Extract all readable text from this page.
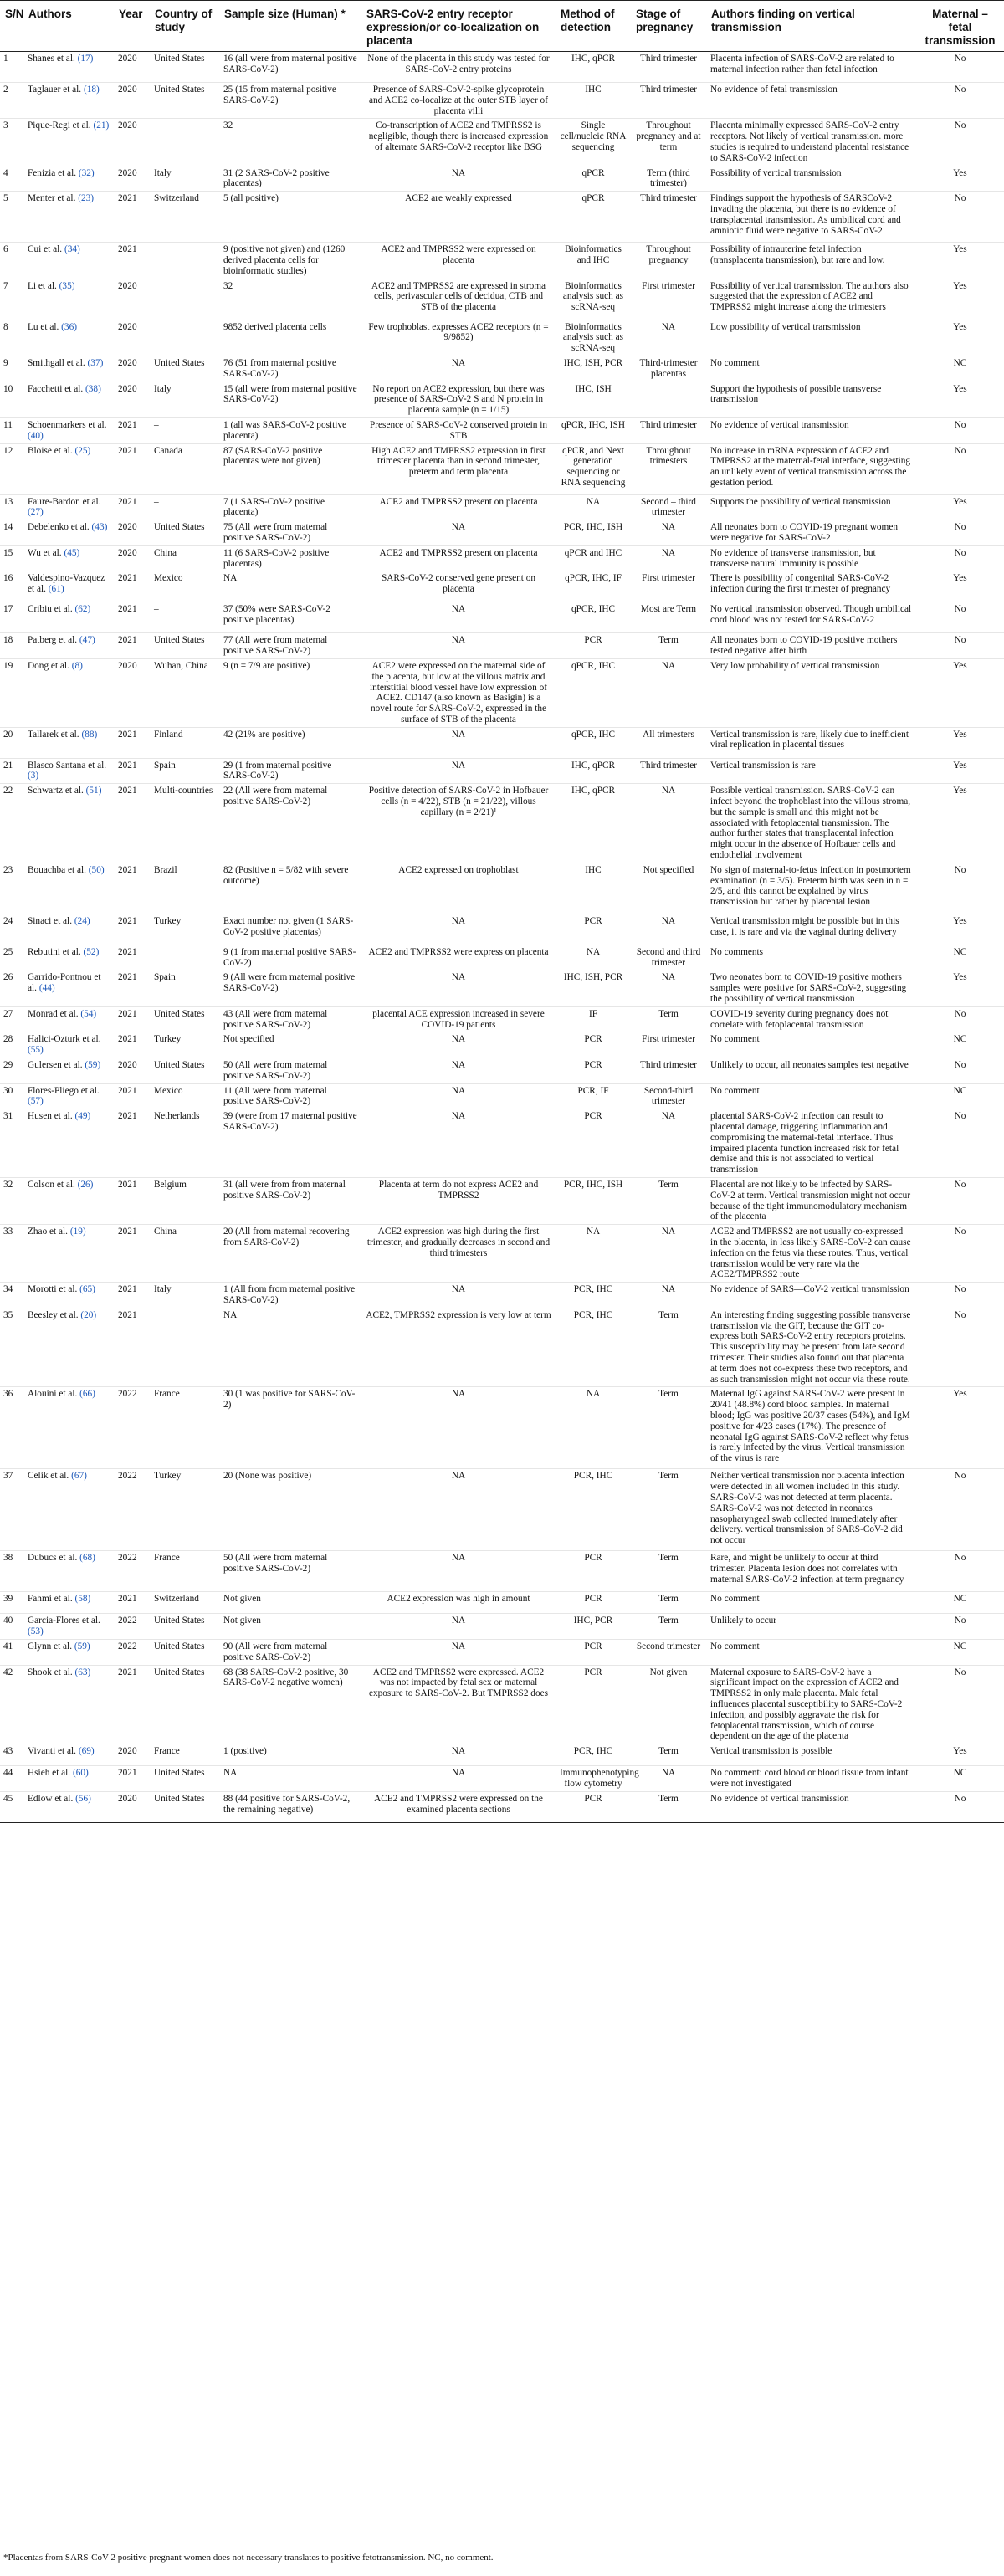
S/N	Authors	Year	Country of study	Sample size (Human) *	SARS-CoV-2 entry receptor expression/or co-localization on placenta	Method of detection	Stage of pregnancy	Authors finding on vertical transmission	Maternal – fetal transmission
1	Shanes et al. (17)	2020	United States	16 (all were from maternal positive SARS-CoV-2)	None of the placenta in this study was tested for SARS-CoV-2 entry proteins	IHC, qPCR	Third trimester	Placenta infection of SARS-CoV-2 are related to maternal infection rather than fetal infection	No
2	Taglauer et al. (18)	2020	United States	25 (15 from maternal positive SARS-CoV-2)	Presence of SARS-CoV-2-spike glycoprotein and ACE2 co-localize at the outer STB layer of placenta villi	IHC	Third trimester	No evidence of fetal transmission	No
3	Pique-Regi et al. (21)	2020		32	Co-transcription of ACE2 and TMPRSS2 is negligible, though there is increased expression of alternate SARS-CoV-2 receptor like BSG	Single cell/nucleic RNA sequencing	Throughout pregnancy and at term	Placenta minimally expressed SARS-CoV-2 entry receptors. Not likely of vertical transmission. more studies is required to understand placental resistance to SARS-CoV-2 infection	No
4	Fenizia et al. (32)	2020	Italy	31 (2 SARS-CoV-2 positive placentas)	NA	qPCR	Term (third trimester)	Possibility of vertical transmission	Yes
5	Menter et al. (23)	2021	Switzerland	5 (all positive)	ACE2 are weakly expressed	qPCR	Third trimester	Findings support the hypothesis of SARSCoV-2 invading the placenta, but there is no evidence of transplacental transmission. As umbilical cord and amniotic fluid were negative to SARS-CoV-2	No
6	Cui et al. (34)	2021		9 (positive not given) and (1260 derived placenta cells for bioinformatic studies)	ACE2 and TMPRSS2 were expressed on placenta	Bioinformatics and IHC	Throughout pregnancy	Possibility of intrauterine fetal infection (transplacenta transmission), but rare and low.	Yes
7	Li et al. (35)	2020		32	ACE2 and TMPRSS2 are expressed in stroma cells, perivascular cells of decidua, CTB and STB of the placenta	Bioinformatics analysis such as scRNA-seq	First trimester	Possibility of vertical transmission. The authors also suggested that the expression of ACE2 and TMPRSS2 might increase along the trimesters	Yes
8	Lu et al. (36)	2020		9852 derived placenta cells	Few trophoblast expresses ACE2 receptors (n = 9/9852)	Bioinformatics analysis such as scRNA-seq	NA	Low possibility of vertical transmission	Yes
9	Smithgall et al. (37)	2020	United States	76 (51 from maternal positive SARS-CoV-2)	NA	IHC, ISH, PCR	Third-trimester placentas	No comment	NC
10	Facchetti et al. (38)	2020	Italy	15 (all were from maternal positive SARS-CoV-2)	No report on ACE2 expression, but there was presence of SARS-CoV-2 S and N protein in placenta sample (n = 1/15)	IHC, ISH		Support the hypothesis of possible transverse transmission	Yes
11	Schoenmarkers et al. (40)	2021	–	1 (all was SARS-CoV-2 positive placenta)	Presence of SARS-CoV-2 conserved protein in STB	qPCR, IHC, ISH	Third trimester	No evidence of vertical transmission	No
12	Bloise et al. (25)	2021	Canada	87 (SARS-CoV-2 positive placentas were not given)	High ACE2 and TMPRSS2 expression in first trimester placenta than in second trimester, preterm and term placenta	qPCR, and Next generation sequencing or RNA sequencing	Throughout trimesters	No increase in mRNA expression of ACE2 and TMPRSS2 at the maternal-fetal interface, suggesting an unlikely event of vertical transmission across the gestation period.	No
13	Faure-Bardon et al. (27)	2021	–	7 (1 SARS-CoV-2 positive placenta)	ACE2 and TMPRSS2 present on placenta	NA	Second – third trimester	Supports the possibility of vertical transmission	Yes
14	Debelenko et al. (43)	2020	United States	75 (All were from maternal positive SARS-CoV-2)	NA	PCR, IHC, ISH	NA	All neonates born to COVID-19 pregnant women were negative for SARS-CoV-2	No
15	Wu et al. (45)	2020	China	11 (6 SARS-CoV-2 positive placentas)	ACE2 and TMPRSS2 present on placenta	qPCR and IHC	NA	No evidence of transverse transmission, but transverse natural immunity is possible	No
16	Valdespino-Vazquez et al. (61)	2021	Mexico	NA	SARS-CoV-2 conserved gene present on placenta	qPCR, IHC, IF	First trimester	There is possibility of congenital SARS-CoV-2 infection during the first trimester of pregnancy	Yes
17	Cribiu et al. (62)	2021	–	37 (50% were SARS-CoV-2 positive placentas)	NA	qPCR, IHC	Most are Term	No vertical transmission observed. Though umbilical cord blood was not tested for SARS-CoV-2	No
18	Patberg et al. (47)	2021	United States	77 (All were from maternal positive SARS-CoV-2)	NA	PCR	Term	All neonates born to COVID-19 positive mothers tested negative after birth	No
19	Dong et al. (8)	2020	Wuhan, China	9 (n = 7/9 are positive)	ACE2 were expressed on the maternal side of the placenta, but low at the villous matrix and interstitial blood vessel have low expression of ACE2. CD147 (also known as Basigin) is a novel route for SARS-CoV-2, expressed in the surface of STB of the placenta	qPCR, IHC	NA	Very low probability of vertical transmission	Yes
20	Tallarek et al. (88)	2021	Finland	42 (21% are positive)	NA	qPCR, IHC	All trimesters	Vertical transmission is rare, likely due to inefficient viral replication in placental tissues	Yes
21	Blasco Santana et al. (3)	2021	Spain	29 (1 from maternal positive SARS-CoV-2)	NA	IHC, qPCR	Third trimester	Vertical transmission is rare	Yes
22	Schwartz et al. (51)	2021	Multi-countries	22 (All were from maternal positive SARS-CoV-2)	Positive detection of SARS-CoV-2 in Hofbauer cells (n = 4/22), STB (n = 21/22), villous capillary (n = 2/21)¹	IHC, qPCR	NA	Possible vertical transmission. SARS-CoV-2 can infect beyond the trophoblast into the villous stroma, but the sample is small and this might not be associated with fetoplacental transmission. The author further states that transplacental infection might occur in the absence of Hofbauer cells and endothelial involvement	Yes
23	Bouachba et al. (50)	2021	Brazil	82 (Positive n = 5/82 with severe outcome)	ACE2 expressed on trophoblast	IHC	Not specified	No sign of maternal-to-fetus infection in postmortem examination (n = 3/5). Preterm birth was seen in n = 2/5, and this cannot be explained by virus transmission but rather by placental lesion	No
24	Sinaci et al. (24)	2021	Turkey	Exact number not given (1 SARS-CoV-2 positive placentas)	NA	PCR	NA	Vertical transmission might be possible but in this case, it is rare and via the vaginal during delivery	Yes
25	Rebutini et al. (52)	2021		9 (1 from maternal positive SARS-CoV-2)	ACE2 and TMPRSS2 were express on placenta	NA	Second and third trimester	No comments	NC
26	Garrido-Pontnou et al. (44)	2021	Spain	9 (All were from maternal positive SARS-CoV-2)	NA	IHC, ISH, PCR	NA	Two neonates born to COVID-19 positive mothers samples were positive for SARS-CoV-2, suggesting the possibility of vertical transmission	Yes
27	Monrad et al. (54)	2021	United States	43 (All were from maternal positive SARS-CoV-2)	placental ACE expression increased in severe COVID-19 patients	IF	Term	COVID-19 severity during pregnancy does not correlate with fetoplacental transmission	No
28	Halici-Ozturk et al. (55)	2021	Turkey	Not specified	NA	PCR	First trimester	No comment	NC
29	Gulersen et al. (59)	2020	United States	50 (All were from maternal positive SARS-CoV-2)	NA	PCR	Third trimester	Unlikely to occur, all neonates samples test negative	No
30	Flores-Pliego et al. (57)	2021	Mexico	11 (All were from maternal positive SARS-CoV-2)	NA	PCR, IF	Second-third trimester	No comment	NC
31	Husen et al. (49)	2021	Netherlands	39 (were from 17 maternal positive SARS-CoV-2)	NA	PCR	NA	placental SARS-CoV-2 infection can result to placental damage, triggering inflammation and compromising the maternal-fetal interface. Thus impaired placenta function increased risk for fetal demise and this is not associated to vertical transmission	No
32	Colson et al. (26)	2021	Belgium	31 (all were from from maternal positive SARS-CoV-2)	Placenta at term do not express ACE2 and TMPRSS2	PCR, IHC, ISH	Term	Placental are not likely to be infected by SARS-CoV-2 at term. Vertical transmission might not occur because of the tight immunomodulatory mechanism of the placenta	No
33	Zhao et al. (19)	2021	China	20 (All from maternal recovering from SARS-CoV-2)	ACE2 expression was high during the first trimester, and gradually decreases in second and third trimesters	NA	NA	ACE2 and TMPRSS2 are not usually co-expressed in the placenta, in less likely SARS-CoV-2 can cause infection on the fetus via these routes. Thus, vertical transmission would be very rare via the ACE2/TMPRSS2 route	No
34	Morotti et al. (65)	2021	Italy	1 (All from from maternal positive SARS-CoV-2)	NA	PCR, IHC	NA	No evidence of SARS—CoV-2 vertical transmission	No
35	Beesley et al. (20)	2021		NA	ACE2, TMPRSS2 expression is very low at term	PCR, IHC	Term	An interesting finding suggesting possible transverse transmission via the GIT, because the GIT co-express both SARS-CoV-2 entry receptors proteins. This susceptibility may be present from late second trimester. Their studies also found out that placenta at term does not co-express these two receptors, and as such transmission might not occur via these route.	No
36	Alouini et al. (66)	2022	France	30 (1 was positive for SARS-CoV-2)	NA	NA	Term	Maternal IgG against SARS-CoV-2 were present in 20/41 (48.8%) cord blood samples. In maternal blood; IgG was positive 20/37 cases (54%), and IgM positive for 4/23 cases (17%). The presence of neonatal IgG against SARS-CoV-2 reflect why fetus is rarely infected by the virus. Vertical transmission of the virus is rare	Yes
37	Celik et al. (67)	2022	Turkey	20 (None was positive)	NA	PCR, IHC	Term	Neither vertical transmission nor placenta infection were detected in all women included in this study. SARS-CoV-2 was not detected at term placenta. SARS-CoV-2 was not detected in neonates nasopharyngeal swab collected immediately after delivery. vertical transmission of SARS-CoV-2 did not occur	No
38	Dubucs et al. (68)	2022	France	50 (All were from maternal positive SARS-CoV-2)	NA	PCR	Term	Rare, and might be unlikely to occur at third trimester. Placenta lesion does not correlates with maternal SARS-CoV-2 infection at term pregnancy	No
39	Fahmi et al. (58)	2021	Switzerland	Not given	ACE2 expression was high in amount	PCR	Term	No comment	NC
40	Garcia-Flores et al. (53)	2022	United States	Not given	NA	IHC, PCR	Term	Unlikely to occur	No
41	Glynn et al. (59)	2022	United States	90 (All were from maternal positive SARS-CoV-2)	NA	PCR	Second trimester	No comment	NC
42	Shook et al. (63)	2021	United States	68 (38 SARS-CoV-2 positive, 30 SARS-CoV-2 negative women)	ACE2 and TMPRSS2 were expressed. ACE2 was not impacted by fetal sex or maternal exposure to SARS-CoV-2. But TMPRSS2 does	PCR	Not given	Maternal exposure to SARS-CoV-2 have a significant impact on the expression of ACE2 and TMPRSS2 in only male placenta. Male fetal influences placental susceptibility to SARS-CoV-2 infection, and possibly aggravate the risk for fetoplacental transmission, which of course dependent on the age of the placenta	No
43	Vivanti et al. (69)	2020	France	1 (positive)	NA	PCR, IHC	Term	Vertical transmission is possible	Yes
44	Hsieh et al. (60)	2021	United States	NA	NA	Immunophenotyping flow cytometry	NA	No comment: cord blood or blood tissue from infant were not investigated	NC
45	Edlow et al. (56)	2020	United States	88 (44 positive for SARS-CoV-2, the remaining negative)	ACE2 and TMPRSS2 were expressed on the examined placenta sections	PCR	Term	No evidence of vertical transmission	No
*Placentas from SARS-CoV-2 positive pregnant women does not necessary translates to positive fetotransmission. NC, no comment.
